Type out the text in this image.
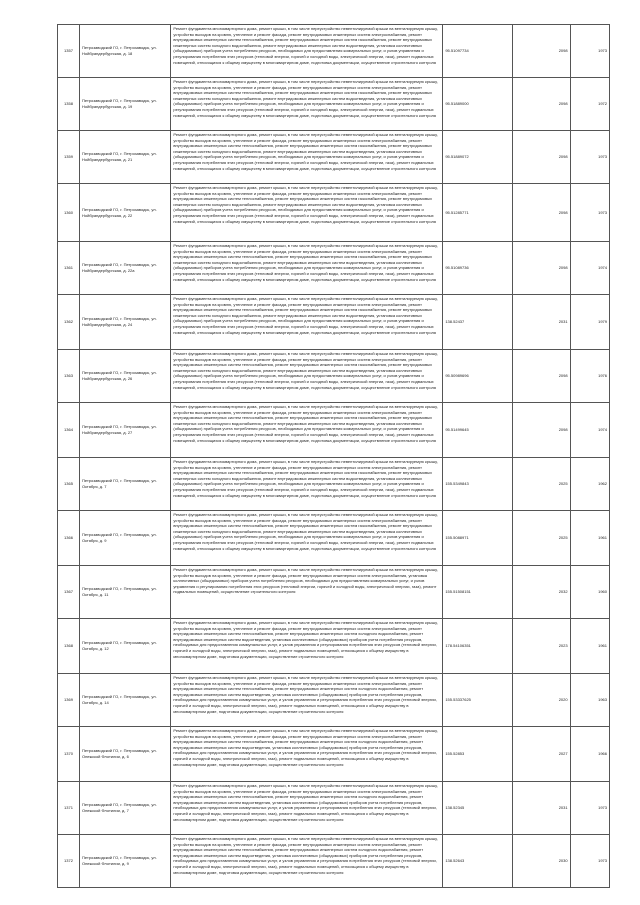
1357	Петрозаводский ГО, г. Петрозаводск, ул. Нойбрандербургская, д. 18	Ремонт фундамента многоквартирного дома, ремонт крыши, в том числе переустройство невентилируемой крыши на вентилируемую крышу, устройство выходов на кровлю, утепление и ремонт фасада, ремонт внутридомовых инженерных систем электроснабжения, ремонт внутридомовых инженерных систем теплоснабжения, ремонт внутридомовых инженерных систем газоснабжения, ремонт внутридомовых инженерных систем холодного водоснабжения, ремонт внутридомовых инженерных систем водоотведения, установка коллективных (общедомовых) приборов учета потребления ресурсов, необходимых для предоставления коммунальных услуг, и узлов управления и регулирования потребления этих ресурсов (тепловой энергии, горячей и холодной воды, электрической энергии, газа), ремонт подвальных помещений, относящихся к общему имуществу в многоквартирном доме, подготовка документации, осуществление строительного контроля	95.51097734	2098	1973
1358	Петрозаводский ГО, г. Петрозаводск, ул. Нойбрандербургская, д. 19	Ремонт фундамента многоквартирного дома, ремонт крыши, в том числе переустройство невентилируемой крыши на вентилируемую крышу, устройство выходов на кровлю, утепление и ремонт фасада, ремонт внутридомовых инженерных систем электроснабжения, ремонт внутридомовых инженерных систем теплоснабжения, ремонт внутридомовых инженерных систем газоснабжения, ремонт внутридомовых инженерных систем холодного водоснабжения, ремонт внутридомовых инженерных систем водоотведения, установка коллективных (общедомовых) приборов учета потребления ресурсов, необходимых для предоставления коммунальных услуг, и узлов управления и регулирования потребления этих ресурсов (тепловой энергии, горячей и холодной воды, электрической энергии, газа), ремонт подвальных помещений, относящихся к общему имуществу в многоквартирном доме, подготовка документации, осуществление строительного контроля	95.51889000	2098	1972
1359	Петрозаводский ГО, г. Петрозаводск, ул. Нойбрандербургская, д. 21	Ремонт фундамента многоквартирного дома, ремонт крыши, в том числе переустройство невентилируемой крыши на вентилируемую крышу, устройство выходов на кровлю, утепление и ремонт фасада, ремонт внутридомовых инженерных систем электроснабжения, ремонт внутридомовых инженерных систем теплоснабжения, ремонт внутридомовых инженерных систем газоснабжения, ремонт внутридомовых инженерных систем холодного водоснабжения, ремонт внутридомовых инженерных систем водоотведения, установка коллективных (общедомовых) приборов учета потребления ресурсов, необходимых для предоставления коммунальных услуг, и узлов управления и регулирования потребления этих ресурсов (тепловой энергии, горячей и холодной воды, электрической энергии, газа), ремонт подвальных помещений, относящихся к общему имуществу в многоквартирном доме, подготовка документации, осуществление строительного контроля	95.51889072	2098	1973
1360	Петрозаводский ГО, г. Петрозаводск, ул. Нойбрандербургская, д. 22	Ремонт фундамента многоквартирного дома, ремонт крыши, в том числе переустройство невентилируемой крыши на вентилируемую крышу, устройство выходов на кровлю, утепление и ремонт фасада, ремонт внутридомовых инженерных систем электроснабжения, ремонт внутридомовых инженерных систем теплоснабжения, ремонт внутридомовых инженерных систем газоснабжения, ремонт внутридомовых инженерных систем холодного водоснабжения, ремонт внутридомовых инженерных систем водоотведения, установка коллективных (общедомовых) приборов учета потребления ресурсов, необходимых для предоставления коммунальных услуг, и узлов управления и регулирования потребления этих ресурсов (тепловой энергии, горячей и холодной воды, электрической энергии, газа), ремонт подвальных помещений, относящихся к общему имуществу в многоквартирном доме, подготовка документации, осуществление строительного контроля	95.51285771	2098	1973
1361	Петрозаводский ГО, г. Петрозаводск, ул. Нойбрандербургская, д. 22а	Ремонт фундамента многоквартирного дома, ремонт крыши, в том числе переустройство невентилируемой крыши на вентилируемую крышу, устройство выходов на кровлю, утепление и ремонт фасада, ремонт внутридомовых инженерных систем электроснабжения, ремонт внутридомовых инженерных систем теплоснабжения, ремонт внутридомовых инженерных систем газоснабжения, ремонт внутридомовых инженерных систем холодного водоснабжения, ремонт внутридомовых инженерных систем водоотведения, установка коллективных (общедомовых) приборов учета потребления ресурсов, необходимых для предоставления коммунальных услуг, и узлов управления и регулирования потребления этих ресурсов (тепловой энергии, горячей и холодной воды, электрической энергии, газа), ремонт подвальных помещений, относящихся к общему имуществу в многоквартирном доме, подготовка документации, осуществление строительного контроля	95.51089736	2098	1974
1362	Петрозаводский ГО, г. Петрозаводск, ул. Нойбрандербургская, д. 24	Ремонт фундамента многоквартирного дома, ремонт крыши, в том числе переустройство невентилируемой крыши на вентилируемую крышу, устройство выходов на кровлю, утепление и ремонт фасада, ремонт внутридомовых инженерных систем электроснабжения, ремонт внутридомовых инженерных систем теплоснабжения, ремонт внутридомовых инженерных систем газоснабжения, ремонт внутридомовых инженерных систем холодного водоснабжения, ремонт внутридомовых инженерных систем водоотведения, установка коллективных (общедомовых) приборов учета потребления ресурсов, необходимых для предоставления коммунальных услуг, и узлов управления и регулирования потребления этих ресурсов (тепловой энергии, горячей и холодной воды, электрической энергии, газа), ремонт подвальных помещений, относящихся к общему имуществу в многоквартирном доме, подготовка документации, осуществление строительного контроля	138.52437	2031	1979
1363	Петрозаводский ГО, г. Петрозаводск, ул. Нойбрандербургская, д. 26	Ремонт фундамента многоквартирного дома, ремонт крыши, в том числе переустройство невентилируемой крыши на вентилируемую крышу, устройство выходов на кровлю, утепление и ремонт фасада, ремонт внутридомовых инженерных систем электроснабжения, ремонт внутридомовых инженерных систем теплоснабжения, ремонт внутридомовых инженерных систем газоснабжения, ремонт внутридомовых инженерных систем холодного водоснабжения, ремонт внутридомовых инженерных систем водоотведения, установка коллективных (общедомовых) приборов учета потребления ресурсов, необходимых для предоставления коммунальных услуг, и узлов управления и регулирования потребления этих ресурсов (тепловой энергии, горячей и холодной воды, электрической энергии, газа), ремонт подвальных помещений, относящихся к общему имуществу в многоквартирном доме, подготовка документации, осуществление строительного контроля	95.50989696	2098	1976
1364	Петрозаводский ГО, г. Петрозаводск, ул. Нойбрандербургская, д. 27	Ремонт фундамента многоквартирного дома, ремонт крыши, в том числе переустройство невентилируемой крыши на вентилируемую крышу, устройство выходов на кровлю, утепление и ремонт фасада, ремонт внутридомовых инженерных систем электроснабжения, ремонт внутридомовых инженерных систем теплоснабжения, ремонт внутридомовых инженерных систем газоснабжения, ремонт внутридомовых инженерных систем холодного водоснабжения, ремонт внутридомовых инженерных систем водоотведения, установка коллективных (общедомовых) приборов учета потребления ресурсов, необходимых для предоставления коммунальных услуг, и узлов управления и регулирования потребления этих ресурсов (тепловой энергии, горячей и холодной воды, электрической энергии, газа), ремонт подвальных помещений, относящихся к общему имуществу в многоквартирном доме, подготовка документации, осуществление строительного контроля	95.51499645	2098	1974
1365	Петрозаводский ГО, г. Петрозаводск, ул. Октября, д. 7	Ремонт фундамента многоквартирного дома, ремонт крыши, в том числе переустройство невентилируемой крыши на вентилируемую крышу, устройство выходов на кровлю, утепление и ремонт фасада, ремонт внутридомовых инженерных систем электроснабжения, ремонт внутридомовых инженерных систем теплоснабжения, ремонт внутридомовых инженерных систем газоснабжения, ремонт внутридомовых инженерных систем холодного водоснабжения, ремонт внутридомовых инженерных систем водоотведения, установка коллективных (общедомовых) приборов учета потребления ресурсов, необходимых для предоставления коммунальных услуг, и узлов управления и регулирования потребления этих ресурсов (тепловой энергии, горячей и холодной воды, электрической энергии, газа), ремонт подвальных помещений, относящихся к общему имуществу в многоквартирном доме, подготовка документации, осуществление строительного контроля	155.5349843	2025	1962
1366	Петрозаводский ГО, г. Петрозаводск, ул. Октября, д. 9	Ремонт фундамента многоквартирного дома, ремонт крыши, в том числе переустройство невентилируемой крыши на вентилируемую крышу, устройство выходов на кровлю, утепление и ремонт фасада, ремонт внутридомовых инженерных систем электроснабжения, ремонт внутридомовых инженерных систем теплоснабжения, ремонт внутридомовых инженерных систем газоснабжения, ремонт внутридомовых инженерных систем холодного водоснабжения, ремонт внутридомовых инженерных систем водоотведения, установка коллективных (общедомовых) приборов учета потребления ресурсов, необходимых для предоставления коммунальных услуг, и узлов управления и регулирования потребления этих ресурсов (тепловой энергии, горячей и холодной воды, электрической энергии, газа), ремонт подвальных помещений, относящихся к общему имуществу в многоквартирном доме, подготовка документации, осуществление строительного контроля	155.5088971	2025	1961
1367	Петрозаводский ГО, г. Петрозаводск, ул. Октября, д. 11	Ремонт фундамента многоквартирного дома, ремонт крыши, в том числе переустройство невентилируемой крыши на вентилируемую крышу, устройство выходов на кровлю, утепление и ремонт фасада, ремонт внутридомовых инженерных систем электроснабжения, установка коллективных (общедомовых) приборов учета потребления ресурсов, необходимых для предоставления коммунальных услуг, и узлов управления и регулирования потребления этих ресурсов (тепловой энергии, горячей и холодной воды, электрической энергии, газа), ремонт подвальных помещений, осуществление строительного контроля	155.51508151	2032	1960
1368	Петрозаводский ГО, г. Петрозаводск, ул. Октября, д. 12	Ремонт фундамента многоквартирного дома, ремонт крыши, в том числе переустройство невентилируемой крыши на вентилируемую крышу, устройство выходов на кровлю, утепление и ремонт фасада, ремонт внутридомовых инженерных систем электроснабжения, ремонт внутридомовых инженерных систем теплоснабжения, ремонт внутридомовых инженерных систем холодного водоснабжения, ремонт внутридомовых инженерных систем водоотведения, установка коллективных (общедомовых) приборов учета потребления ресурсов, необходимых для предоставления коммунальных услуг, и узлов управления и регулирования потребления этих ресурсов (тепловой энергии, горячей и холодной воды, электрической энергии, газа), ремонт подвальных помещений, относящихся к общему имуществу в многоквартирном доме, подготовка документации, осуществление строительного контроля	178.54106351	2023	1961
1369	Петрозаводский ГО, г. Петрозаводск, ул. Октября, д. 14	Ремонт фундамента многоквартирного дома, ремонт крыши, в том числе переустройство невентилируемой крыши на вентилируемую крышу, устройство выходов на кровлю, утепление и ремонт фасада, ремонт внутридомовых инженерных систем электроснабжения, ремонт внутридомовых инженерных систем теплоснабжения, ремонт внутридомовых инженерных систем холодного водоснабжения, ремонт внутридомовых инженерных систем водоотведения, установка коллективных (общедомовых) приборов учета потребления ресурсов, необходимых для предоставления коммунальных услуг, и узлов управления и регулирования потребления этих ресурсов (тепловой энергии, горячей и холодной воды, электрической энергии, газа), ремонт подвальных помещений, относящихся к общему имуществу в многоквартирном доме, подготовка документации, осуществление строительного контроля	155.53337625	2020	1963
1370	Петрозаводский ГО, г. Петрозаводск, ул. Онежской Флотилии, д. 6	Ремонт фундамента многоквартирного дома, ремонт крыши, в том числе переустройство невентилируемой крыши на вентилируемую крышу, устройство выходов на кровлю, утепление и ремонт фасада, ремонт внутридомовых инженерных систем электроснабжения, ремонт внутридомовых инженерных систем теплоснабжения, ремонт внутридомовых инженерных систем холодного водоснабжения, ремонт внутридомовых инженерных систем водоотведения, установка коллективных (общедомовых) приборов учета потребления ресурсов, необходимых для предоставления коммунальных услуг, и узлов управления и регулирования потребления этих ресурсов (тепловой энергии, горячей и холодной воды, электрической энергии, газа), ремонт подвальных помещений, относящихся к общему имуществу в многоквартирном доме, подготовка документации, осуществление строительного контроля	155.52853	2027	1966
1371	Петрозаводский ГО, г. Петрозаводск, ул. Онежской Флотилии, д. 7	Ремонт фундамента многоквартирного дома, ремонт крыши, в том числе переустройство невентилируемой крыши на вентилируемую крышу, устройство выходов на кровлю, утепление и ремонт фасада, ремонт внутридомовых инженерных систем электроснабжения, ремонт внутридомовых инженерных систем теплоснабжения, ремонт внутридомовых инженерных систем холодного водоснабжения, ремонт внутридомовых инженерных систем водоотведения, установка коллективных (общедомовых) приборов учета потребления ресурсов, необходимых для предоставления коммунальных услуг, и узлов управления и регулирования потребления этих ресурсов (тепловой энергии, горячей и холодной воды, электрической энергии, газа), ремонт подвальных помещений, относящихся к общему имуществу в многоквартирном доме, подготовка документации, осуществление строительного контроля	138.52345	2031	1973
1372	Петрозаводский ГО, г. Петрозаводск, ул. Онежской Флотилии, д. 9	Ремонт фундамента многоквартирного дома, ремонт крыши, в том числе переустройство невентилируемой крыши на вентилируемую крышу, устройство выходов на кровлю, утепление и ремонт фасада, ремонт внутридомовых инженерных систем электроснабжения, ремонт внутридомовых инженерных систем теплоснабжения, ремонт внутридомовых инженерных систем холодного водоснабжения, ремонт внутридомовых инженерных систем водоотведения, установка коллективных (общедомовых) приборов учета потребления ресурсов, необходимых для предоставления коммунальных услуг, и узлов управления и регулирования потребления этих ресурсов (тепловой энергии, горячей и холодной воды, электрической энергии, газа), ремонт подвальных помещений, относящихся к общему имуществу в многоквартирном доме, подготовка документации, осуществление строительного контроля	138.52643	2030	1973
